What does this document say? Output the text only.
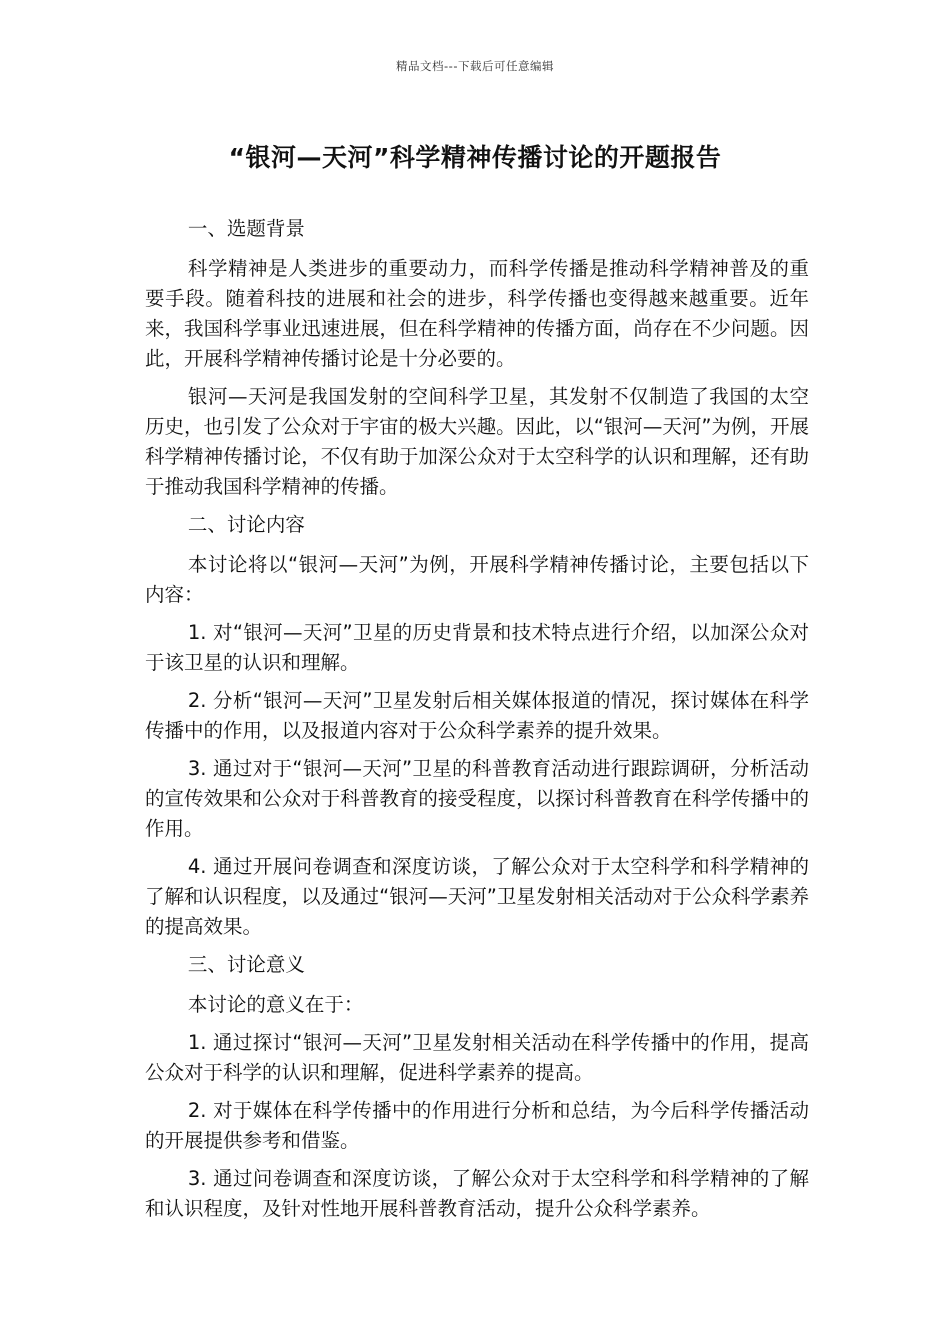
精品文档---下载后可任意编辑
“银河—天河”科学精神传播讨论的开题报告

一、选题背景

科学精神是人类进步的重要动力，而科学传播是推动科学精神普及的重要手段。随着科技的进展和社会的进步，科学传播也变得越来越重要。近年来，我国科学事业迅速进展，但在科学精神的传播方面，尚存在不少问题。因此，开展科学精神传播讨论是十分必要的。

银河—天河是我国发射的空间科学卫星，其发射不仅制造了我国的太空历史，也引发了公众对于宇宙的极大兴趣。因此，以“银河—天河”为例，开展科学精神传播讨论，不仅有助于加深公众对于太空科学的认识和理解，还有助于推动我国科学精神的传播。

二、讨论内容

本讨论将以“银河—天河”为例，开展科学精神传播讨论，主要包括以下内容：

1. 对“银河—天河”卫星的历史背景和技术特点进行介绍，以加深公众对于该卫星的认识和理解。

2. 分析“银河—天河”卫星发射后相关媒体报道的情况，探讨媒体在科学传播中的作用，以及报道内容对于公众科学素养的提升效果。

3. 通过对于“银河—天河”卫星的科普教育活动进行跟踪调研，分析活动的宣传效果和公众对于科普教育的接受程度，以探讨科普教育在科学传播中的作用。

4. 通过开展问卷调查和深度访谈，了解公众对于太空科学和科学精神的了解和认识程度，以及通过“银河—天河”卫星发射相关活动对于公众科学素养的提高效果。

三、讨论意义

本讨论的意义在于：

1. 通过探讨“银河—天河”卫星发射相关活动在科学传播中的作用，提高公众对于科学的认识和理解，促进科学素养的提高。

2. 对于媒体在科学传播中的作用进行分析和总结，为今后科学传播活动的开展提供参考和借鉴。

3. 通过问卷调查和深度访谈，了解公众对于太空科学和科学精神的了解和认识程度，及针对性地开展科普教育活动，提升公众科学素养。
